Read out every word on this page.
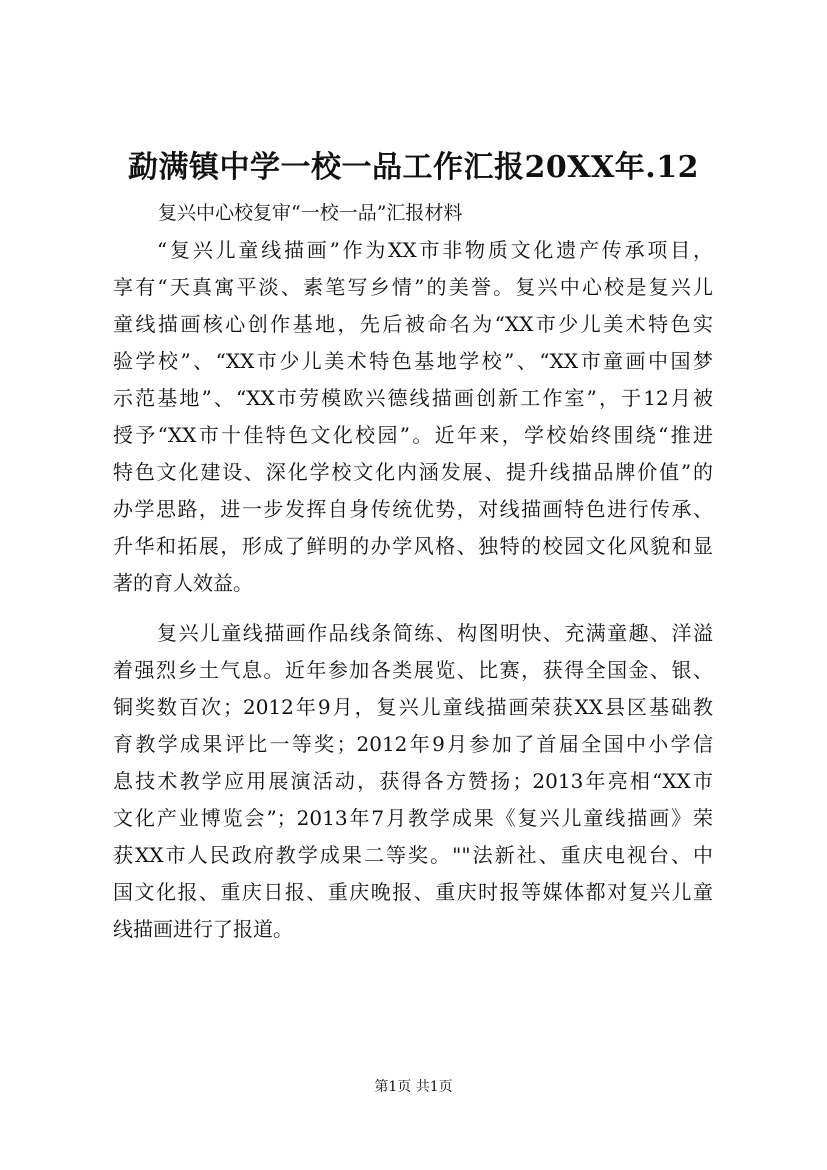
勐满镇中学一校一品工作汇报20XX年.12
复兴中心校复审“一校一品”汇报材料
“复兴儿童线描画”作为XX市非物质文化遗产传承项目，
享有“天真寓平淡、素笔写乡情”的美誉。复兴中心校是复兴儿
童线描画核心创作基地，先后被命名为“XX市少儿美术特色实
验学校”、“XX市少儿美术特色基地学校”、“XX市童画中国梦
示范基地”、“XX市劳模欧兴德线描画创新工作室”，于12月被
授予“XX市十佳特色文化校园”。近年来，学校始终围绕“推进
特色文化建设、深化学校文化内涵发展、提升线描品牌价值”的
办学思路，进一步发挥自身传统优势，对线描画特色进行传承、
升华和拓展，形成了鲜明的办学风格、独特的校园文化风貌和显
著的育人效益。
复兴儿童线描画作品线条简练、构图明快、充满童趣、洋溢
着强烈乡土气息。近年参加各类展览、比赛，获得全国金、银、
铜奖数百次；2012年9月，复兴儿童线描画荣获XX县区基础教
育教学成果评比一等奖；2012年9月参加了首届全国中小学信
息技术教学应用展演活动，获得各方赞扬；2013年亮相“XX市
文化产业博览会”；2013年7月教学成果《复兴儿童线描画》荣
获XX市人民政府教学成果二等奖。""法新社、重庆电视台、中
国文化报、重庆日报、重庆晚报、重庆时报等媒体都对复兴儿童
线描画进行了报道。
第1页 共1页
